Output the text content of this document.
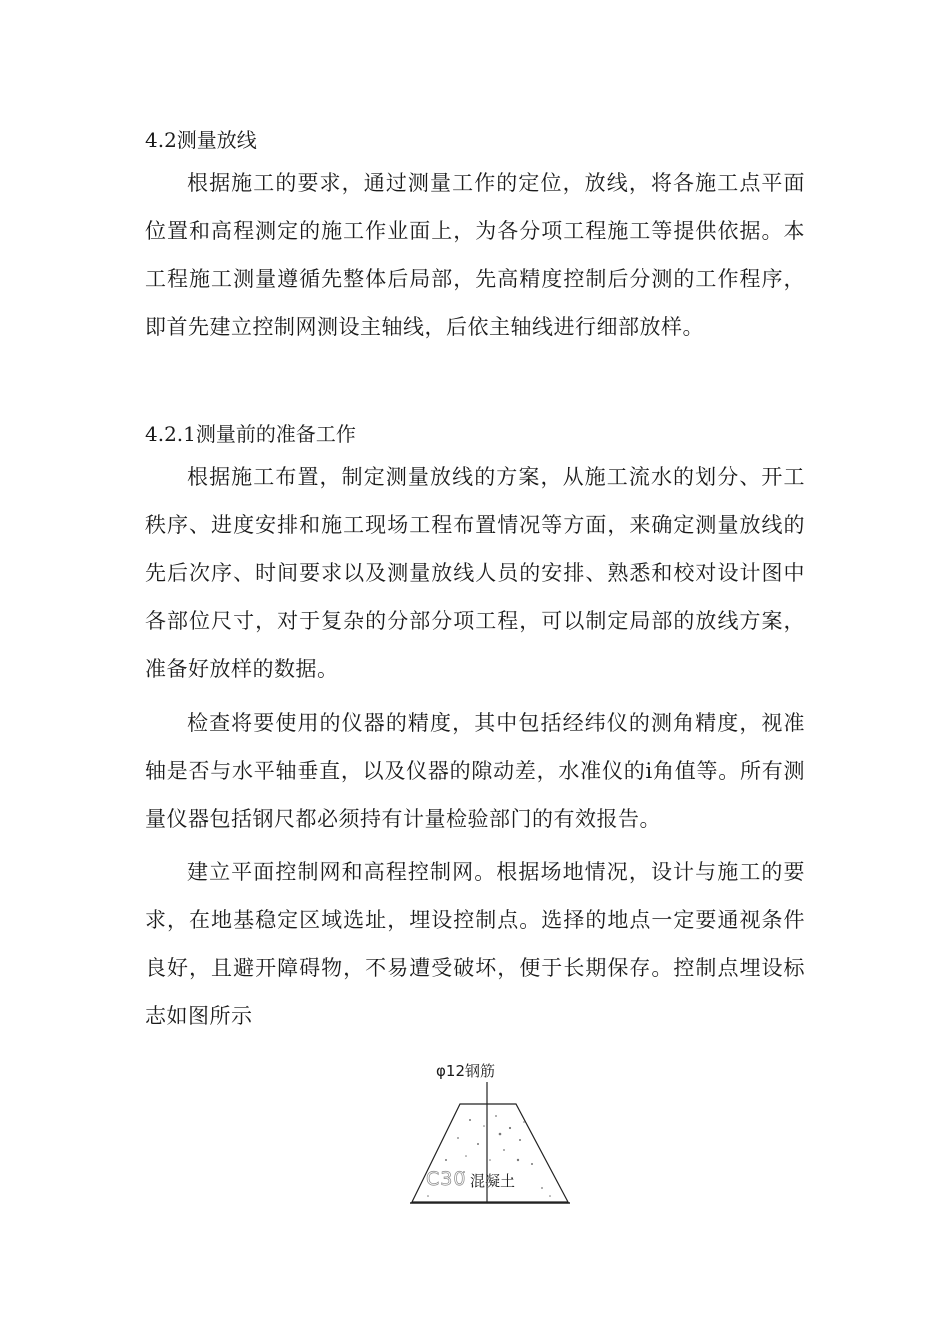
4.2测量放线

根据施工的要求，通过测量工作的定位，放线，将各施工点平面位置和高程测定的施工作业面上，为各分项工程施工等提供依据。本工程施工测量遵循先整体后局部，先高精度控制后分测的工作程序，即首先建立控制网测设主轴线，后依主轴线进行细部放样。

4.2.1测量前的准备工作

根据施工布置，制定测量放线的方案，从施工流水的划分、开工秩序、进度安排和施工现场工程布置情况等方面，来确定测量放线的先后次序、时间要求以及测量放线人员的安排、熟悉和校对设计图中各部位尺寸，对于复杂的分部分项工程，可以制定局部的放线方案，准备好放样的数据。

检查将要使用的仪器的精度，其中包括经纬仪的测角精度，视准轴是否与水平轴垂直，以及仪器的隙动差，水准仪的i角值等。所有测量仪器包括钢尺都必须持有计量检验部门的有效报告。

建立平面控制网和高程控制网。根据场地情况，设计与施工的要求，在地基稳定区域选址，埋设控制点。选择的地点一定要通视条件良好，且避开障碍物，不易遭受破坏，便于长期保存。控制点埋设标志如图所示

φ12钢筋
C30 混凝土
